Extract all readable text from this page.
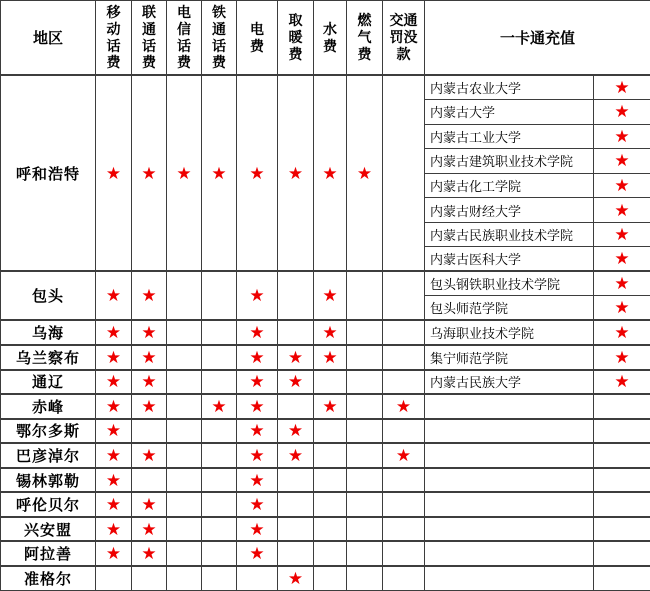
地区	移动话费	联通话费	电信话费	铁通话费	电费	取暖费	水费	燃气费	交通罚没款	一卡通充值	
呼和浩特	★	★	★	★	★	★	★	★		内蒙古农业大学	★
										内蒙古大学	★
										内蒙古工业大学	★
										内蒙古建筑职业技术学院	★
										内蒙古化工学院	★
										内蒙古财经大学	★
										内蒙古民族职业技术学院	★
										内蒙古医科大学	★
包头	★	★			★		★			包头钢铁职业技术学院	★
										包头师范学院	★
乌海	★	★			★		★			乌海职业技术学院	★
乌兰察布	★	★			★	★	★			集宁师范学院	★
通辽	★	★			★	★				内蒙古民族大学	★
赤峰	★	★		★	★		★		★		
鄂尔多斯	★				★	★					
巴彦淖尔	★	★			★	★			★		
锡林郭勒	★				★						
呼伦贝尔	★	★			★						
兴安盟	★	★			★						
阿拉善	★	★			★						
准格尔						★					
